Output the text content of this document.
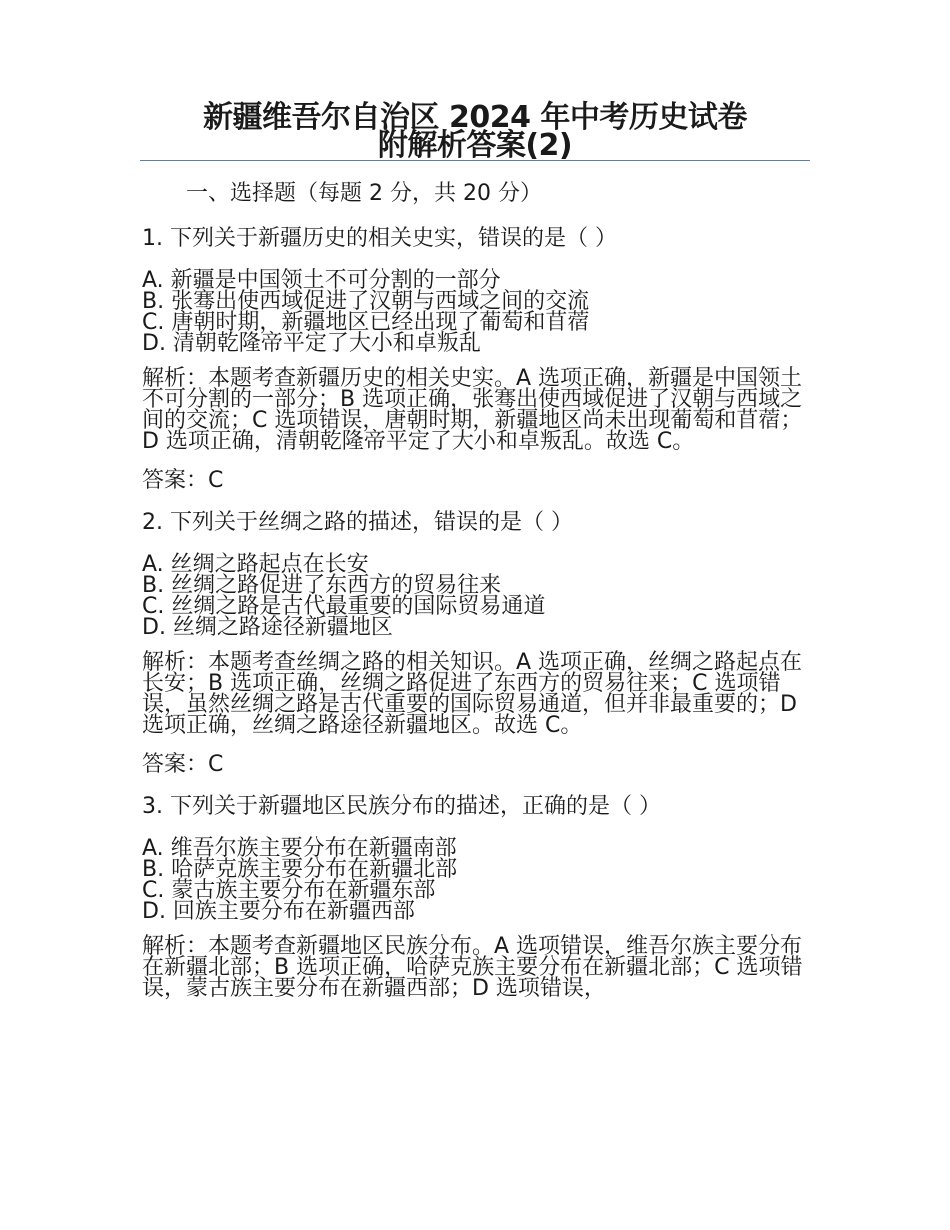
新疆维吾尔自治区 2024 年中考历史试卷
附解析答案(2)
一、选择题（每题 2 分，共 20 分）
1. 下列关于新疆历史的相关史实，错误的是（ ）
A. 新疆是中国领土不可分割的一部分
B. 张骞出使西域促进了汉朝与西域之间的交流
C. 唐朝时期，新疆地区已经出现了葡萄和苜蓿
D. 清朝乾隆帝平定了大小和卓叛乱
解析：本题考查新疆历史的相关史实。A 选项正确，新疆是中国领土不可分割的一部分；B 选项正确，张骞出使西域促进了汉朝与西域之间的交流；C 选项错误，唐朝时期，新疆地区尚未出现葡萄和苜蓿；D 选项正确，清朝乾隆帝平定了大小和卓叛乱。故选 C。
答案：C
2. 下列关于丝绸之路的描述，错误的是（ ）
A. 丝绸之路起点在长安
B. 丝绸之路促进了东西方的贸易往来
C. 丝绸之路是古代最重要的国际贸易通道
D. 丝绸之路途径新疆地区
解析：本题考查丝绸之路的相关知识。A 选项正确，丝绸之路起点在长安；B 选项正确，丝绸之路促进了东西方的贸易往来；C 选项错误，虽然丝绸之路是古代重要的国际贸易通道，但并非最重要的；D 选项正确，丝绸之路途径新疆地区。故选 C。
答案：C
3. 下列关于新疆地区民族分布的描述，正确的是（ ）
A. 维吾尔族主要分布在新疆南部
B. 哈萨克族主要分布在新疆北部
C. 蒙古族主要分布在新疆东部
D. 回族主要分布在新疆西部
解析：本题考查新疆地区民族分布。A 选项错误，维吾尔族主要分布在新疆北部；B 选项正确，哈萨克族主要分布在新疆北部；C 选项错误，蒙古族主要分布在新疆西部；D 选项错误，
